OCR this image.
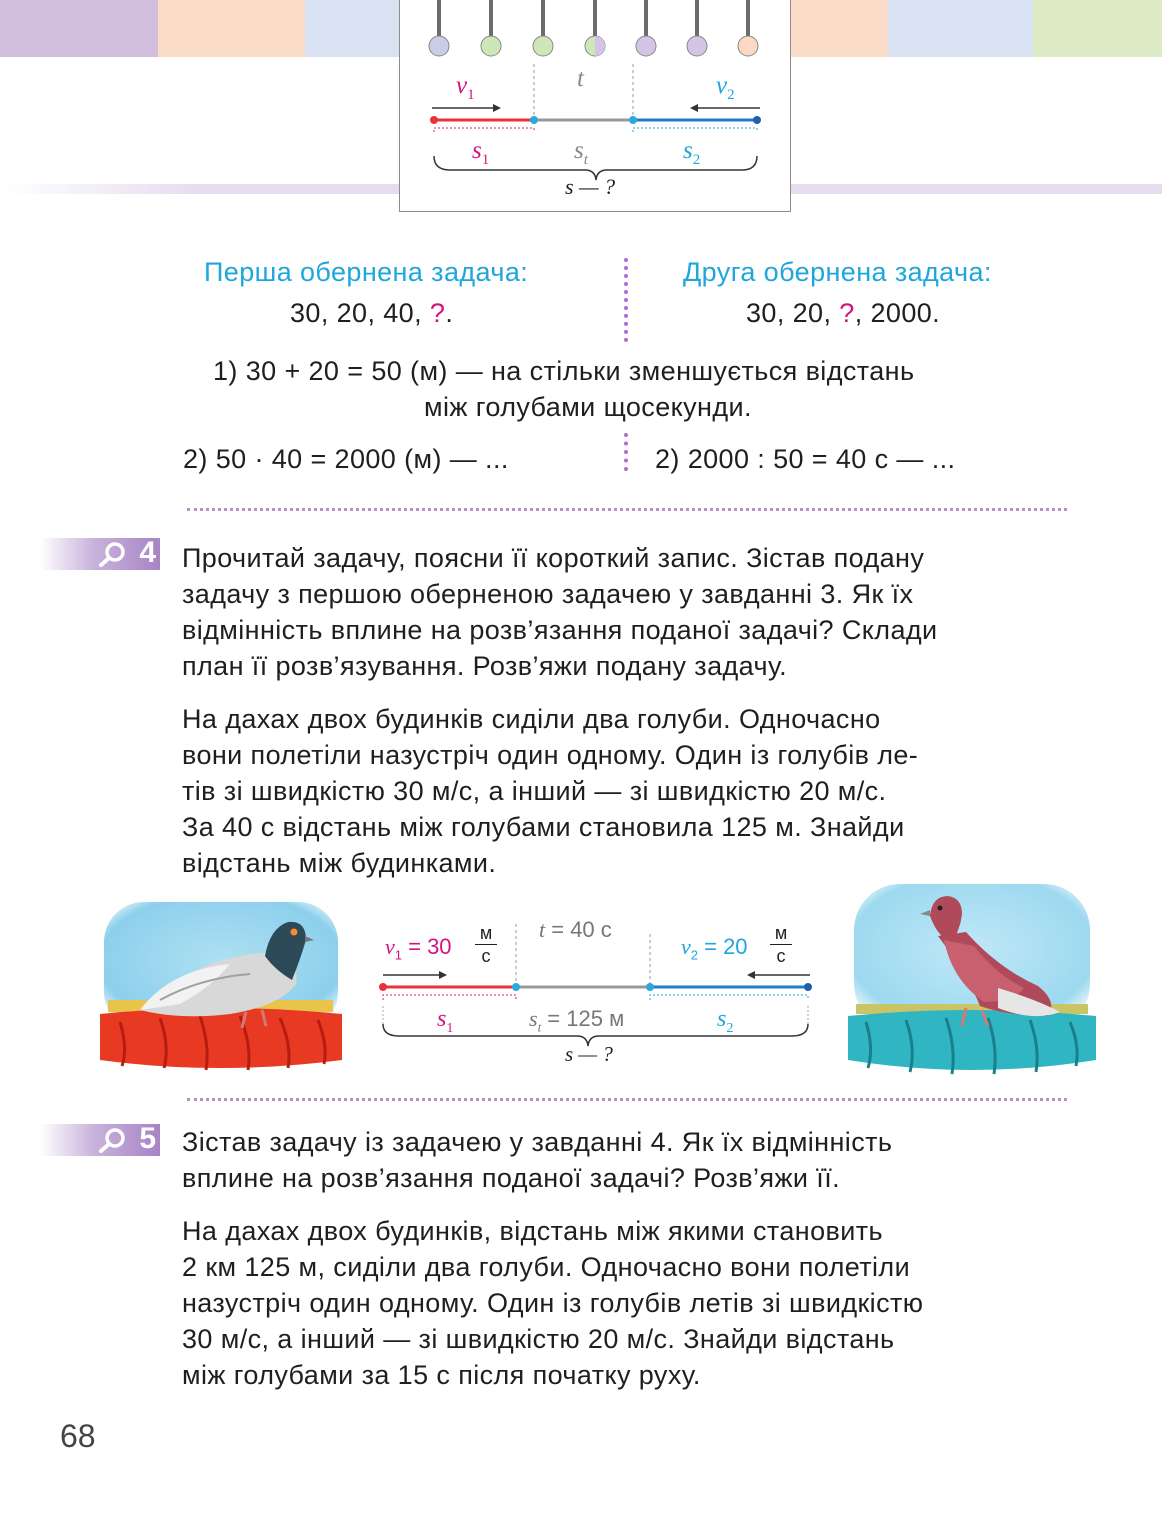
$v_1$
t	$v_2$
$s_1$	$s_t$	$s_2$
s — ?
Перша обернена задача:
30, 20, 40, ?.
Друга обернена задача:
30, 20, ?, 2000.
1) 30 + 20 = 50 (м) — на стільки зменшується відстань
між голубами щосекунди.
2) 50 · 40 = 2000 (м) — ...	2) 2000 : 50 = 40 с — ...
4 Прочитай задачу, поясни її короткий запис. Зістав подану

задачу з першою оберненою задачею у завданні 3. Як їх

відмінність вплине на розв’язання поданої задачі? Склади

план її розв’язування. Розв’яжи подану задачу.

На дахах двох будинків сиділи два голуби. Одночасно

вони полетіли назустріч один одному. Один із голубів ле-

тів зі швидкістю 30 м/с, а інший — зі швидкістю 20 м/с.

За 40 с відстань між голубами становила 125 м. Знайди

відстань між будинками.

$v_1 = 30$
м
с
t = 40 с
$v_2 = 20$
м
с
$s_1$	$s_t = 125$ м	$s_2$
s — ?
5 Зістав задачу із задачею у завданні 4. Як їх відмінність

вплине на розв’язання поданої задачі? Розв’яжи її.

На дахах двох будинків, відстань між якими становить

2 км 125 м, сиділи два голуби. Одночасно вони полетіли

назустріч один одному. Один із голубів летів зі швидкістю

30 м/с, а інший — зі швидкістю 20 м/с. Знайди відстань

між голубами за 15 с після початку руху.

68
